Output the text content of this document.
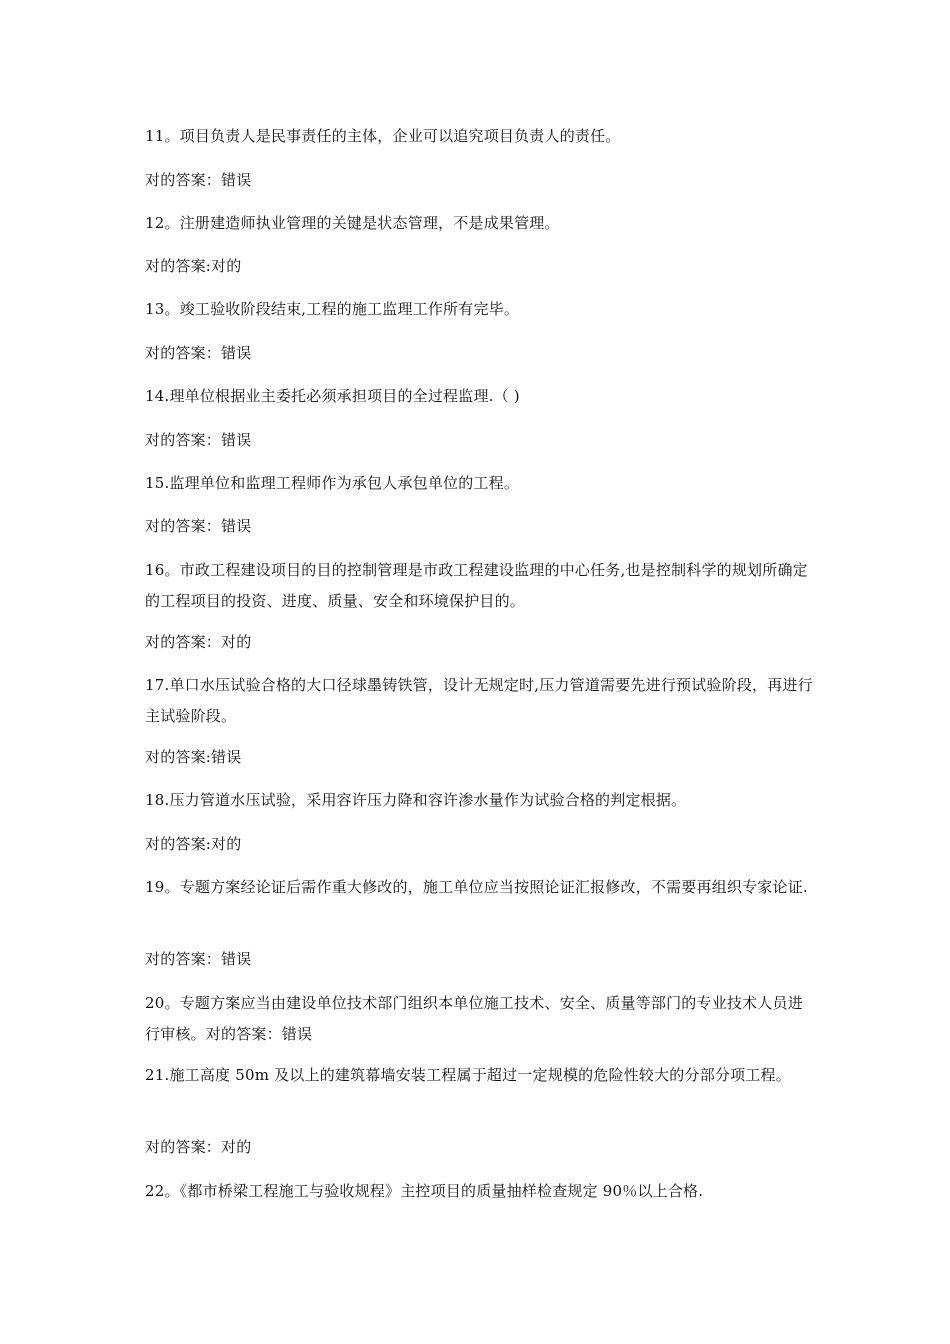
11。项目负责人是民事责任的主体，企业可以追究项目负责人的责任。

对的答案：错误

12。注册建造师执业管理的关键是状态管理，不是成果管理。

对的答案:对的

13。竣工验收阶段结束,工程的施工监理工作所有完毕。

对的答案：错误

14.理单位根据业主委托必须承担项目的全过程监理.（ )

对的答案：错误

15.监理单位和监理工程师作为承包人承包单位的工程。

对的答案：错误

16。市政工程建设项目的目的控制管理是市政工程建设监理的中心任务,也是控制科学的规划所确定的工程项目的投资、进度、质量、安全和环境保护目的。

对的答案：对的

17.单口水压试验合格的大口径球墨铸铁管，设计无规定时,压力管道需要先进行预试验阶段，再进行主试验阶段。

对的答案:错误

18.压力管道水压试验，采用容许压力降和容许渗水量作为试验合格的判定根据。

对的答案:对的

19。专题方案经论证后需作重大修改的，施工单位应当按照论证汇报修改，不需要再组织专家论证.

对的答案：错误

20。专题方案应当由建设单位技术部门组织本单位施工技术、安全、质量等部门的专业技术人员进行审核。对的答案：错误

21.施工高度 50m 及以上的建筑幕墙安装工程属于超过一定规模的危险性较大的分部分项工程。

对的答案：对的

22。《都市桥梁工程施工与验收规程》主控项目的质量抽样检查规定 90％以上合格.
